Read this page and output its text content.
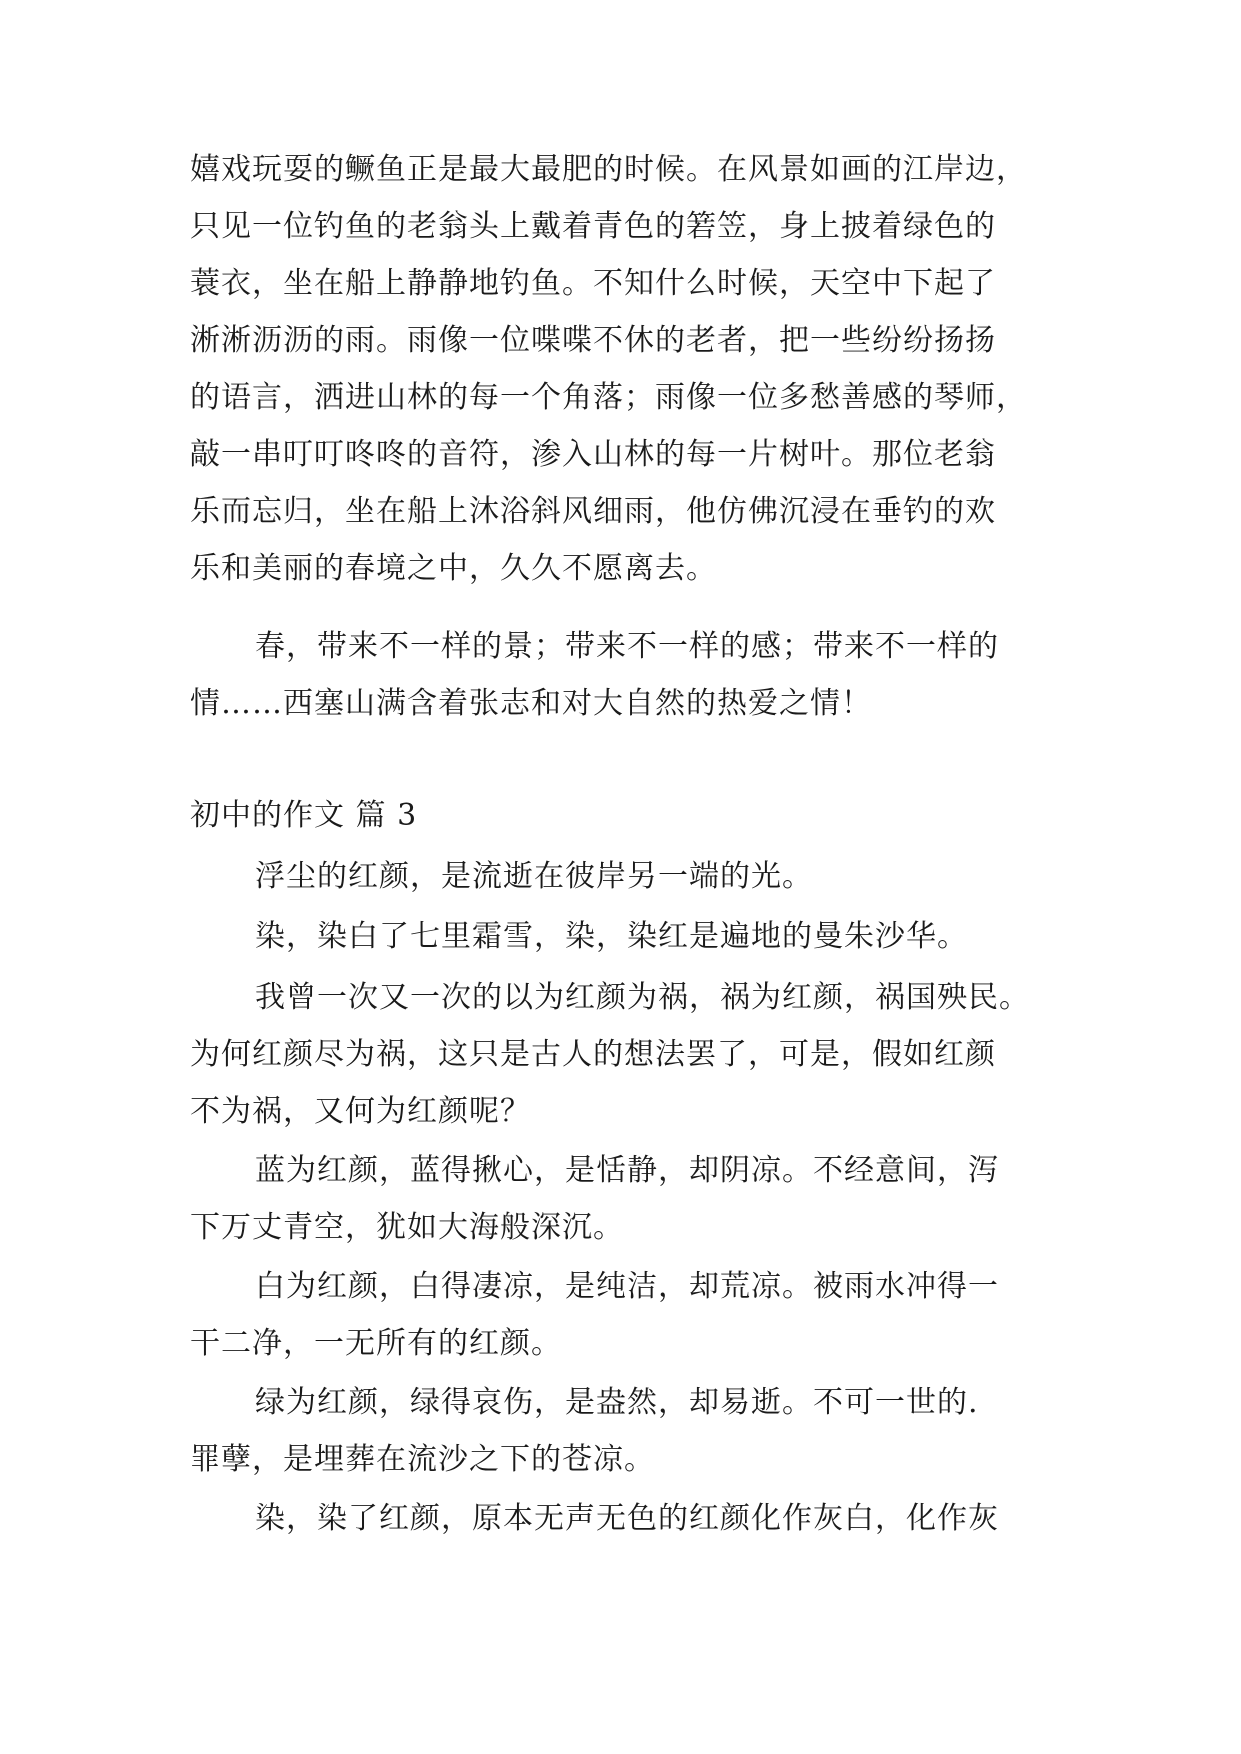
嬉戏玩耍的鳜鱼正是最大最肥的时候。在风景如画的江岸边，
只见一位钓鱼的老翁头上戴着青色的箬笠，身上披着绿色的
蓑衣，坐在船上静静地钓鱼。不知什么时候，天空中下起了
淅淅沥沥的雨。雨像一位喋喋不休的老者，把一些纷纷扬扬
的语言，洒进山林的每一个角落；雨像一位多愁善感的琴师，
敲一串叮叮咚咚的音符，渗入山林的每一片树叶。那位老翁
乐而忘归，坐在船上沐浴斜风细雨，他仿佛沉浸在垂钓的欢
乐和美丽的春境之中，久久不愿离去。
春，带来不一样的景；带来不一样的感；带来不一样的
情……西塞山满含着张志和对大自然的热爱之情！
初中的作文 篇 3
浮尘的红颜，是流逝在彼岸另一端的光。
染，染白了七里霜雪，染，染红是遍地的曼朱沙华。
我曾一次又一次的以为红颜为祸，祸为红颜，祸国殃民。
为何红颜尽为祸，这只是古人的想法罢了，可是，假如红颜
不为祸，又何为红颜呢？
蓝为红颜，蓝得揪心，是恬静，却阴凉。不经意间，泻
下万丈青空，犹如大海般深沉。
白为红颜，白得凄凉，是纯洁，却荒凉。被雨水冲得一
干二净，一无所有的红颜。
绿为红颜，绿得哀伤，是盎然，却易逝。不可一世的.
罪孽，是埋葬在流沙之下的苍凉。
染，染了红颜，原本无声无色的红颜化作灰白，化作灰
